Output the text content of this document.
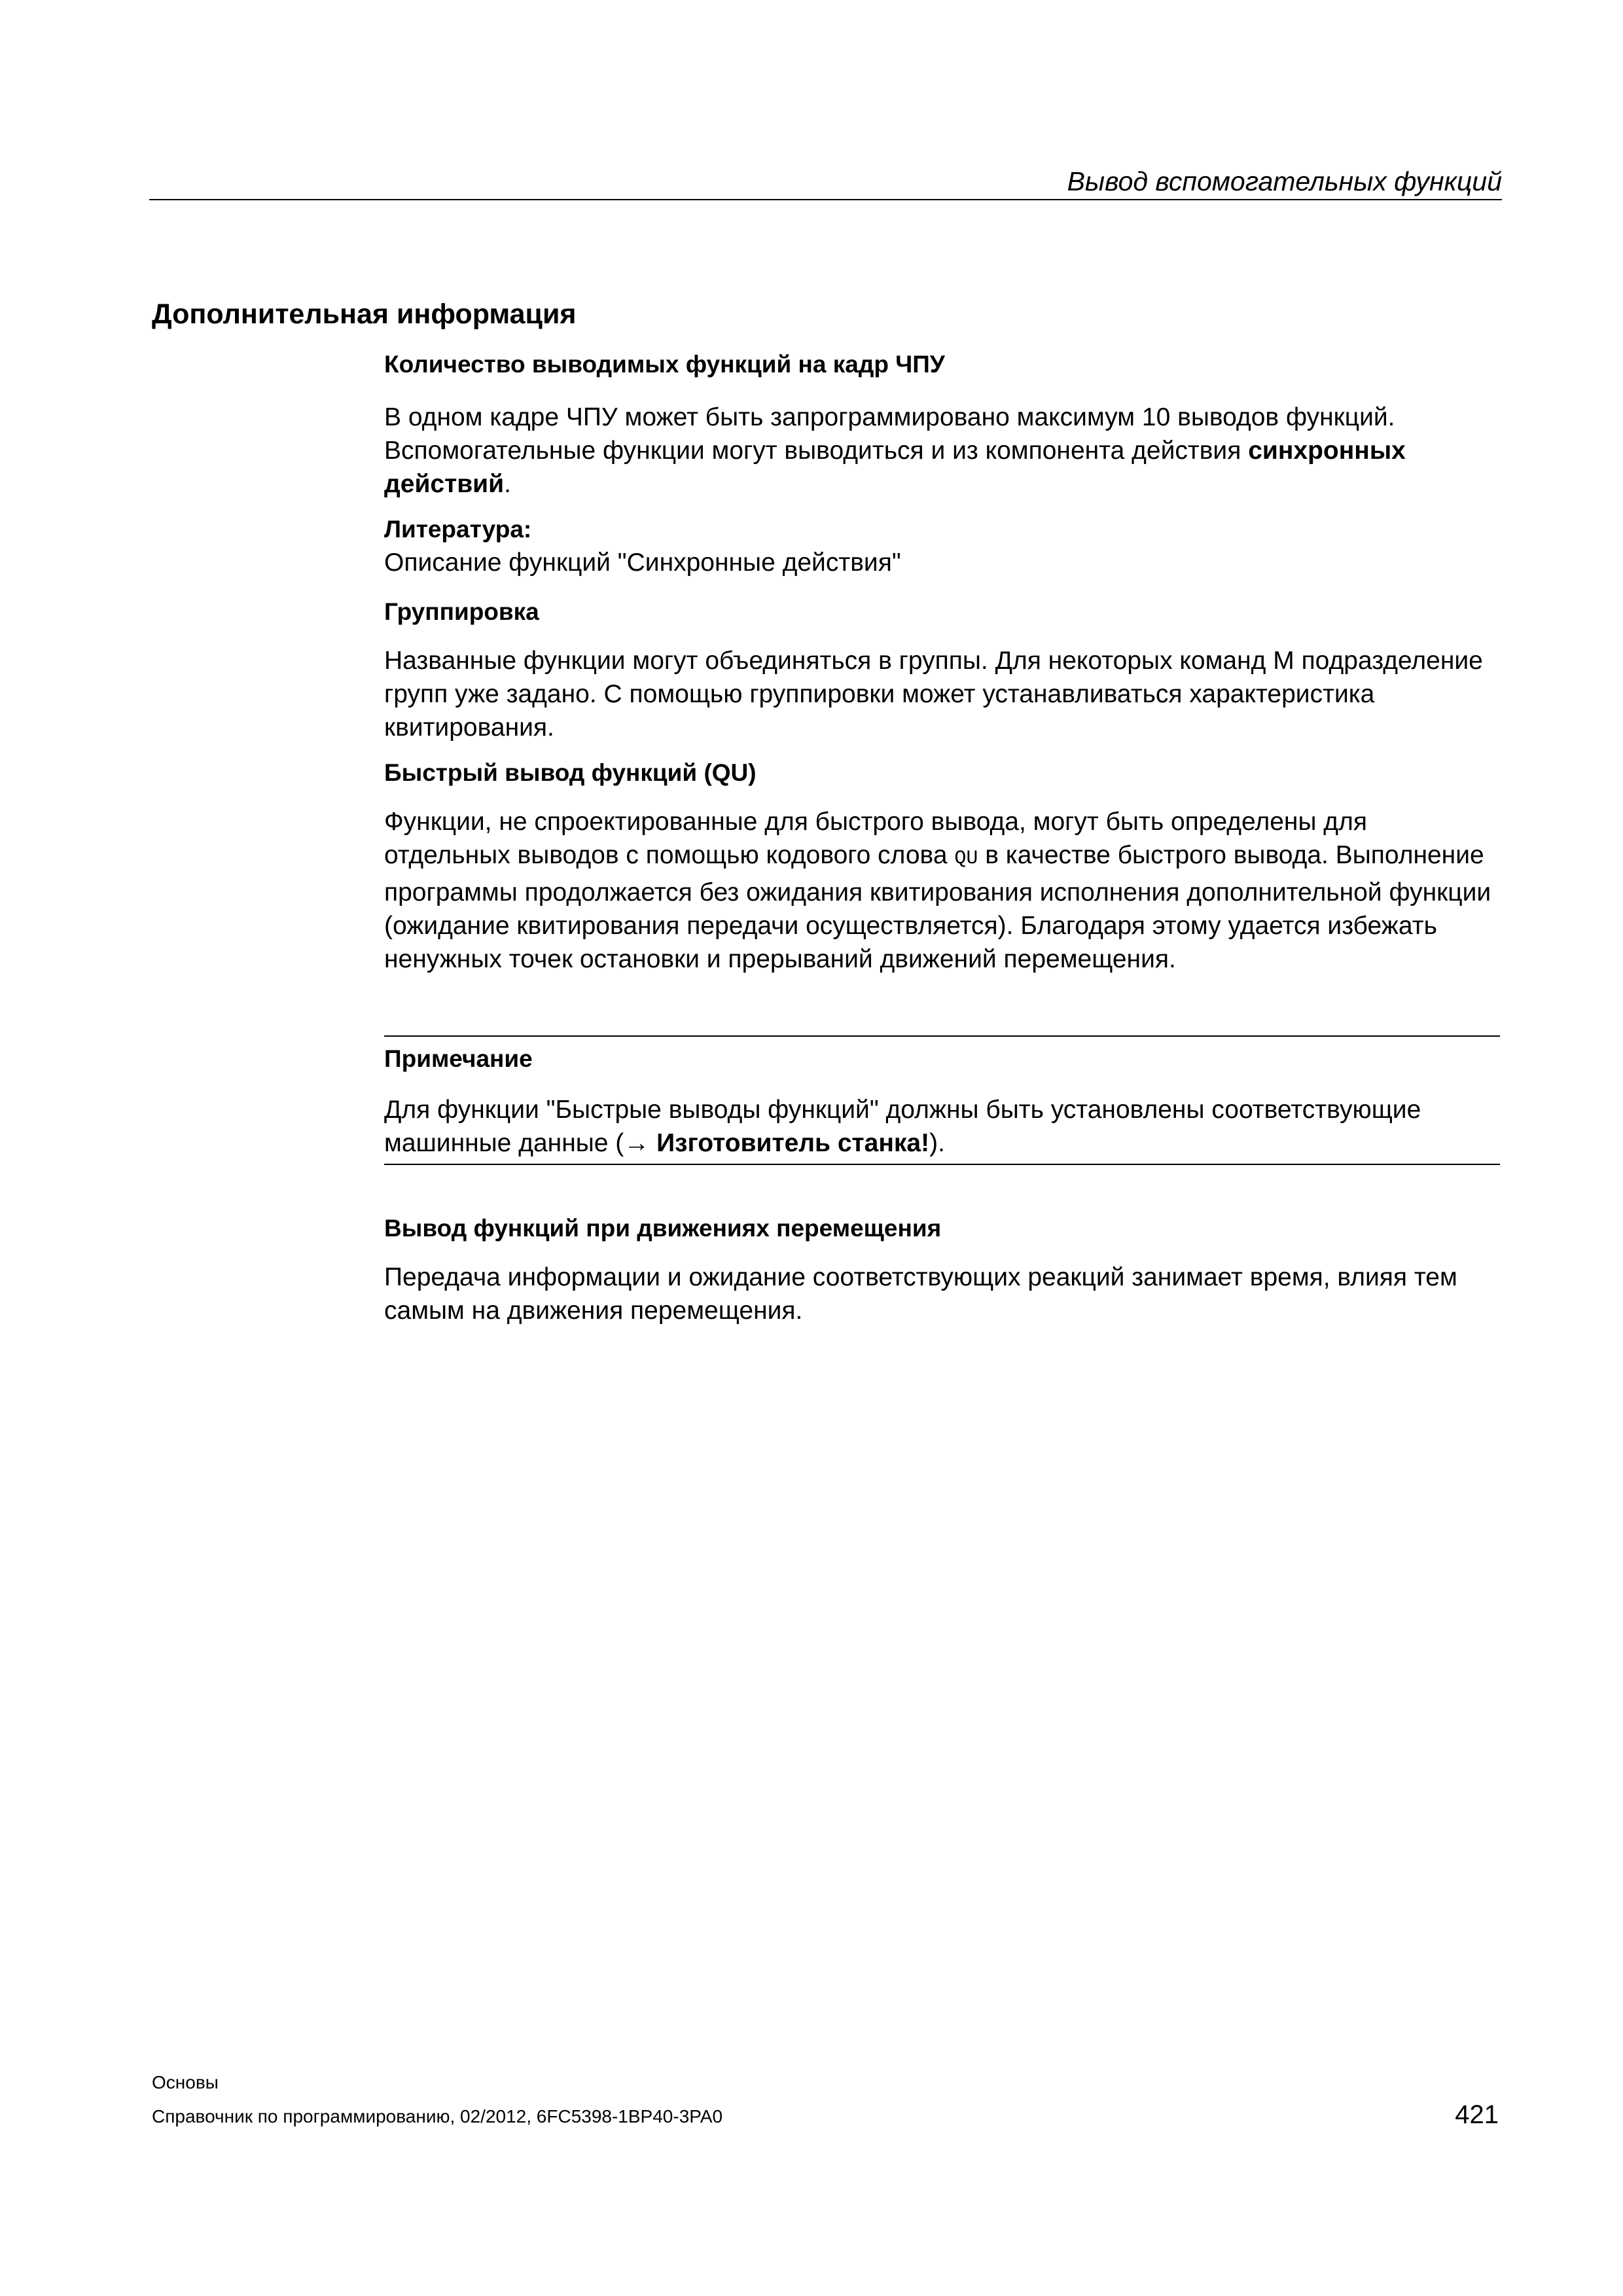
Вывод вспомогательных функций
Дополнительная информация
Количество выводимых функций на кадр ЧПУ
В одном кадре ЧПУ может быть запрограммировано максимум 10 выводов функций. Вспомогательные функции могут выводиться и из компонента действия синхронных действий.
Литература:
Описание функций "Синхронные действия"
Группировка
Названные функции могут объединяться в группы. Для некоторых команд M подразделение групп уже задано. С помощью группировки может устанавливаться характеристика квитирования.
Быстрый вывод функций (QU)
Функции, не спроектированные для быстрого вывода, могут быть определены для отдельных выводов с помощью кодового слова QU в качестве быстрого вывода. Выполнение программы продолжается без ожидания квитирования исполнения дополнительной функции (ожидание квитирования передачи осуществляется). Благодаря этому удается избежать ненужных точек остановки и прерываний движений перемещения.
Примечание
Для функции "Быстрые выводы функций" должны быть установлены соответствующие машинные данные (→ Изготовитель станка!).
Вывод функций при движениях перемещения
Передача информации и ожидание соответствующих реакций занимает время, влияя тем самым на движения перемещения.
Основы
Справочник по программированию, 02/2012, 6FC5398-1BP40-3PA0	421
